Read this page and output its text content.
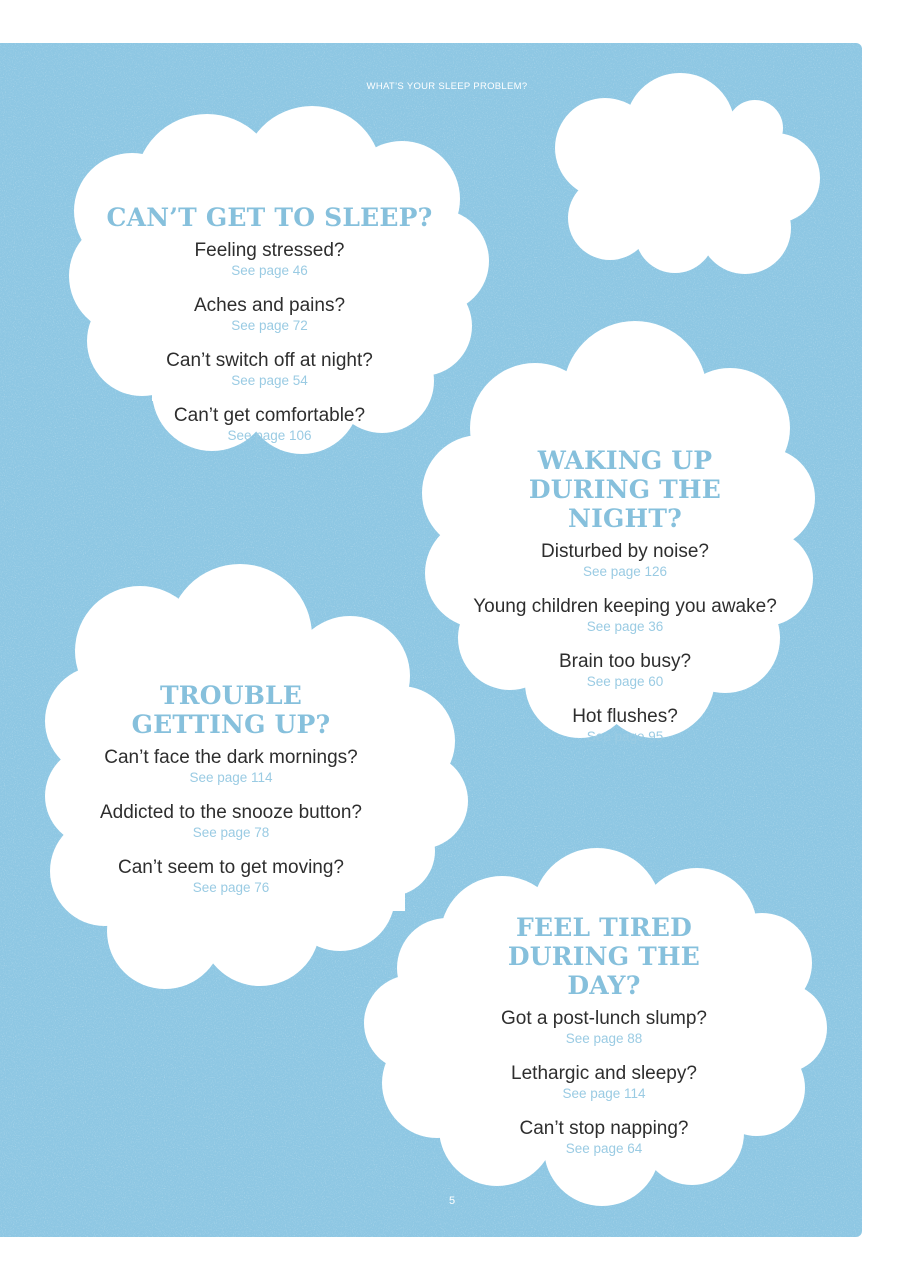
WHAT’S YOUR SLEEP PROBLEM?
CAN’T GET TO SLEEP?
Feeling stressed?
See page 46
Aches and pains?
See page 72
Can’t switch off at night?
See page 54
Can’t get comfortable?
See page 106
WAKING UP DURING THE NIGHT?
Disturbed by noise?
See page 126
Young children keeping you awake?
See page 36
Brain too busy?
See page 60
Hot flushes?
See page 95
TROUBLE GETTING UP?
Can’t face the dark mornings?
See page 114
Addicted to the snooze button?
See page 78
Can’t seem to get moving?
See page 76
FEEL TIRED DURING THE DAY?
Got a post-lunch slump?
See page 88
Lethargic and sleepy?
See page 114
Can’t stop napping?
See page 64
5
